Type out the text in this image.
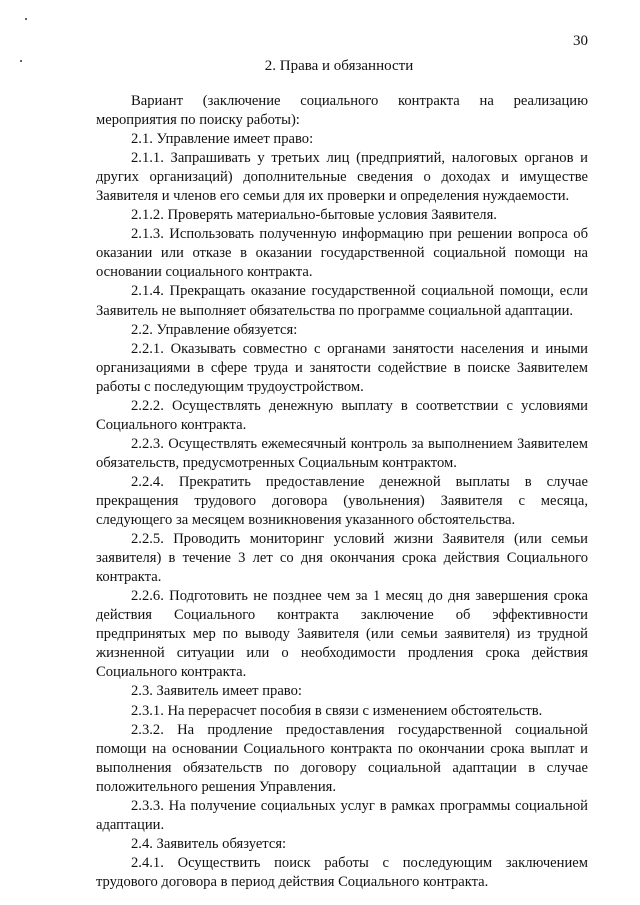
30
2. Права и обязанности

Вариант (заключение социального контракта на реализацию мероприятия по поиску работы):

2.1. Управление имеет право:

2.1.1. Запрашивать у третьих лиц (предприятий, налоговых органов и других организаций) дополнительные сведения о доходах и имуществе Заявителя и членов его семьи для их проверки и определения нуждаемости.

2.1.2. Проверять материально-бытовые условия Заявителя.

2.1.3. Использовать полученную информацию при решении вопроса об оказании или отказе в оказании государственной социальной помощи на основании социального контракта.

2.1.4. Прекращать оказание государственной социальной помощи, если Заявитель не выполняет обязательства по программе социальной адаптации.

2.2. Управление обязуется:

2.2.1. Оказывать совместно с органами занятости населения и иными организациями в сфере труда и занятости содействие в поиске Заявителем работы с последующим трудоустройством.

2.2.2. Осуществлять денежную выплату в соответствии с условиями Социального контракта.

2.2.3. Осуществлять ежемесячный контроль за выполнением Заявителем обязательств, предусмотренных Социальным контрактом.

2.2.4. Прекратить предоставление денежной выплаты в случае прекращения трудового договора (увольнения) Заявителя с месяца, следующего за месяцем возникновения указанного обстоятельства.

2.2.5. Проводить мониторинг условий жизни Заявителя (или семьи заявителя) в течение 3 лет со дня окончания срока действия Социального контракта.

2.2.6. Подготовить не позднее чем за 1 месяц до дня завершения срока действия Социального контракта заключение об эффективности предпринятых мер по выводу Заявителя (или семьи заявителя) из трудной жизненной ситуации или о необходимости продления срока действия Социального контракта.

2.3. Заявитель имеет право:

2.3.1. На перерасчет пособия в связи с изменением обстоятельств.

2.3.2. На продление предоставления государственной социальной помощи на основании Социального контракта по окончании срока выплат и выполнения обязательств по договору социальной адаптации в случае положительного решения Управления.

2.3.3. На получение социальных услуг в рамках программы социальной адаптации.

2.4. Заявитель обязуется:

2.4.1. Осуществить поиск работы с последующим заключением трудового договора в период действия Социального контракта.
